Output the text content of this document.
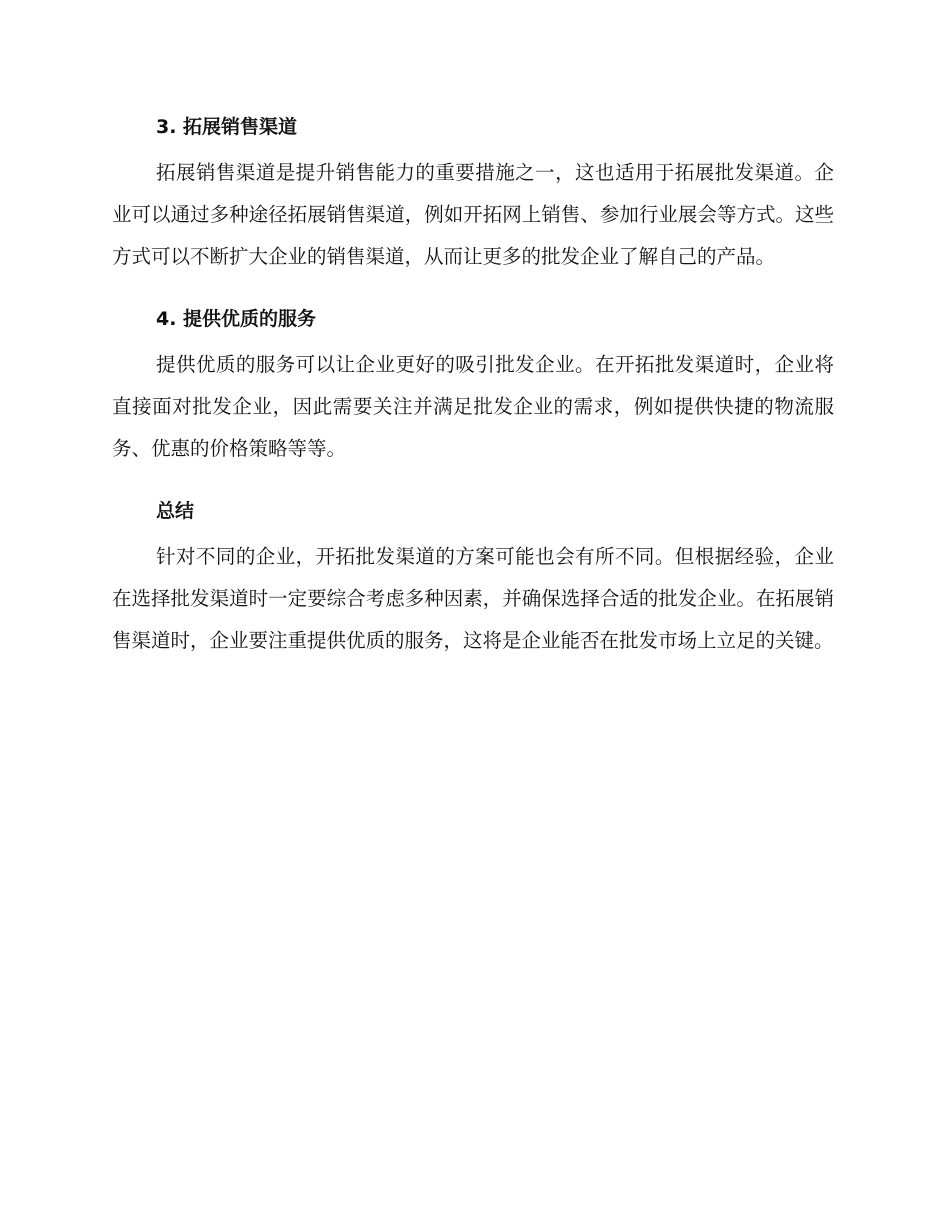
3. 拓展销售渠道

拓展销售渠道是提升销售能力的重要措施之一，这也适用于拓展批发渠道。企业可以通过多种途径拓展销售渠道，例如开拓网上销售、参加行业展会等方式。这些方式可以不断扩大企业的销售渠道，从而让更多的批发企业了解自己的产品。

4. 提供优质的服务

提供优质的服务可以让企业更好的吸引批发企业。在开拓批发渠道时，企业将直接面对批发企业，因此需要关注并满足批发企业的需求，例如提供快捷的物流服务、优惠的价格策略等等。

总结

针对不同的企业，开拓批发渠道的方案可能也会有所不同。但根据经验，企业在选择批发渠道时一定要综合考虑多种因素，并确保选择合适的批发企业。在拓展销售渠道时，企业要注重提供优质的服务，这将是企业能否在批发市场上立足的关键。
